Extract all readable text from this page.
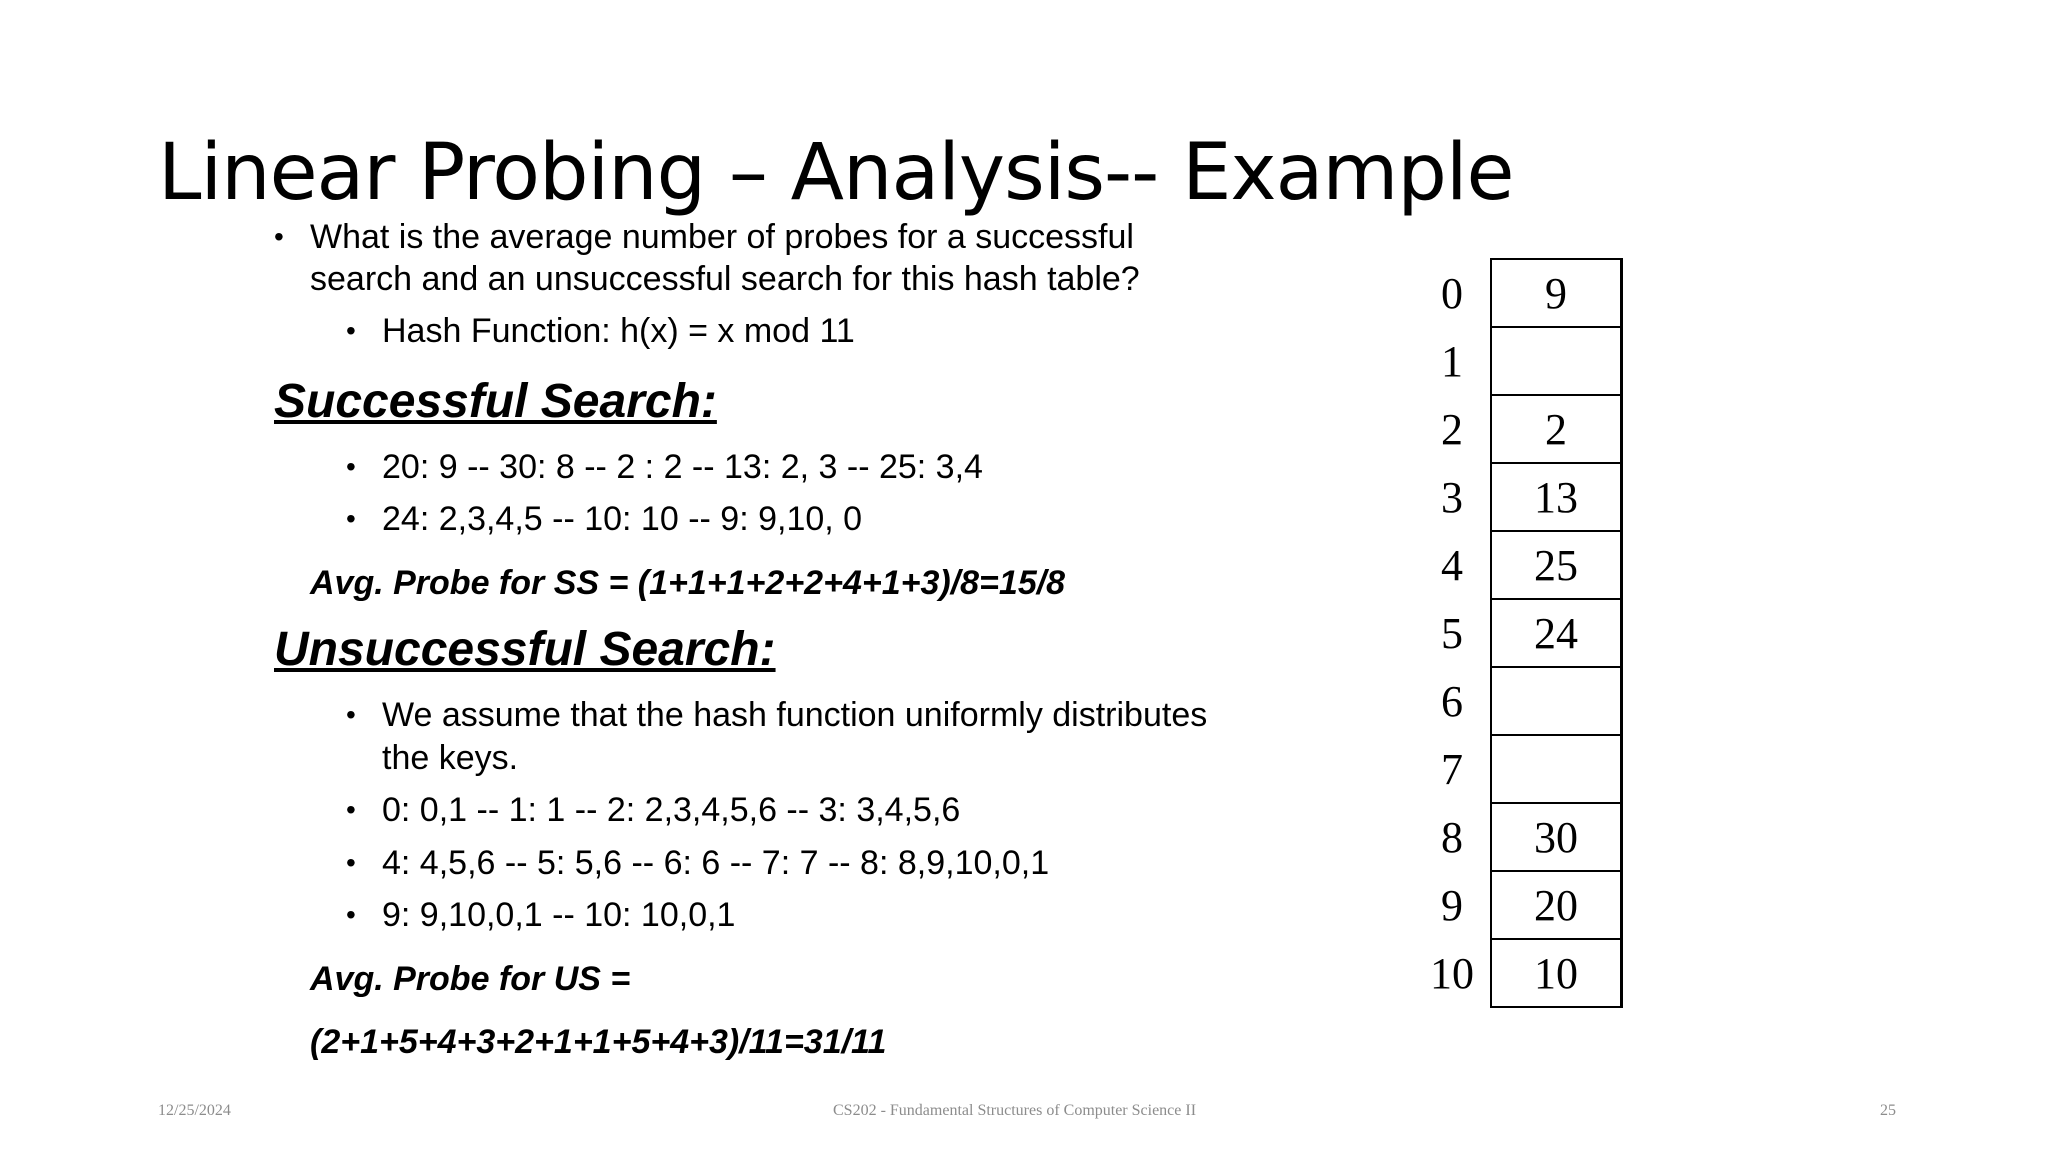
Linear Probing – Analysis-- Example
• What is the average number of probes for a successful
search and an unsuccessful search for this hash table?
• Hash Function: h(x) = x mod 11
Successful Search:
• 20: 9 -- 30: 8 -- 2 : 2 -- 13: 2, 3 -- 25: 3,4
• 24: 2,3,4,5 -- 10: 10 -- 9: 9,10, 0
Avg. Probe for SS = (1+1+1+2+2+4+1+3)/8=15/8
Unsuccessful Search:
• We assume that the hash function uniformly distributes
the keys.
• 0: 0,1 -- 1: 1 -- 2: 2,3,4,5,6 -- 3: 3,4,5,6
• 4: 4,5,6 -- 5: 5,6 -- 6: 6 -- 7: 7 -- 8: 8,9,10,0,1
• 9: 9,10,0,1 -- 10: 10,0,1
Avg. Probe for US =
(2+1+5+4+3+2+1+1+5+4+3)/11=31/11
0	9
1	
2	2
3	13
4	25
5	24
6	
7	
8	30
9	20
10	10
12/25/2024	CS202 - Fundamental Structures of Computer Science II	25
